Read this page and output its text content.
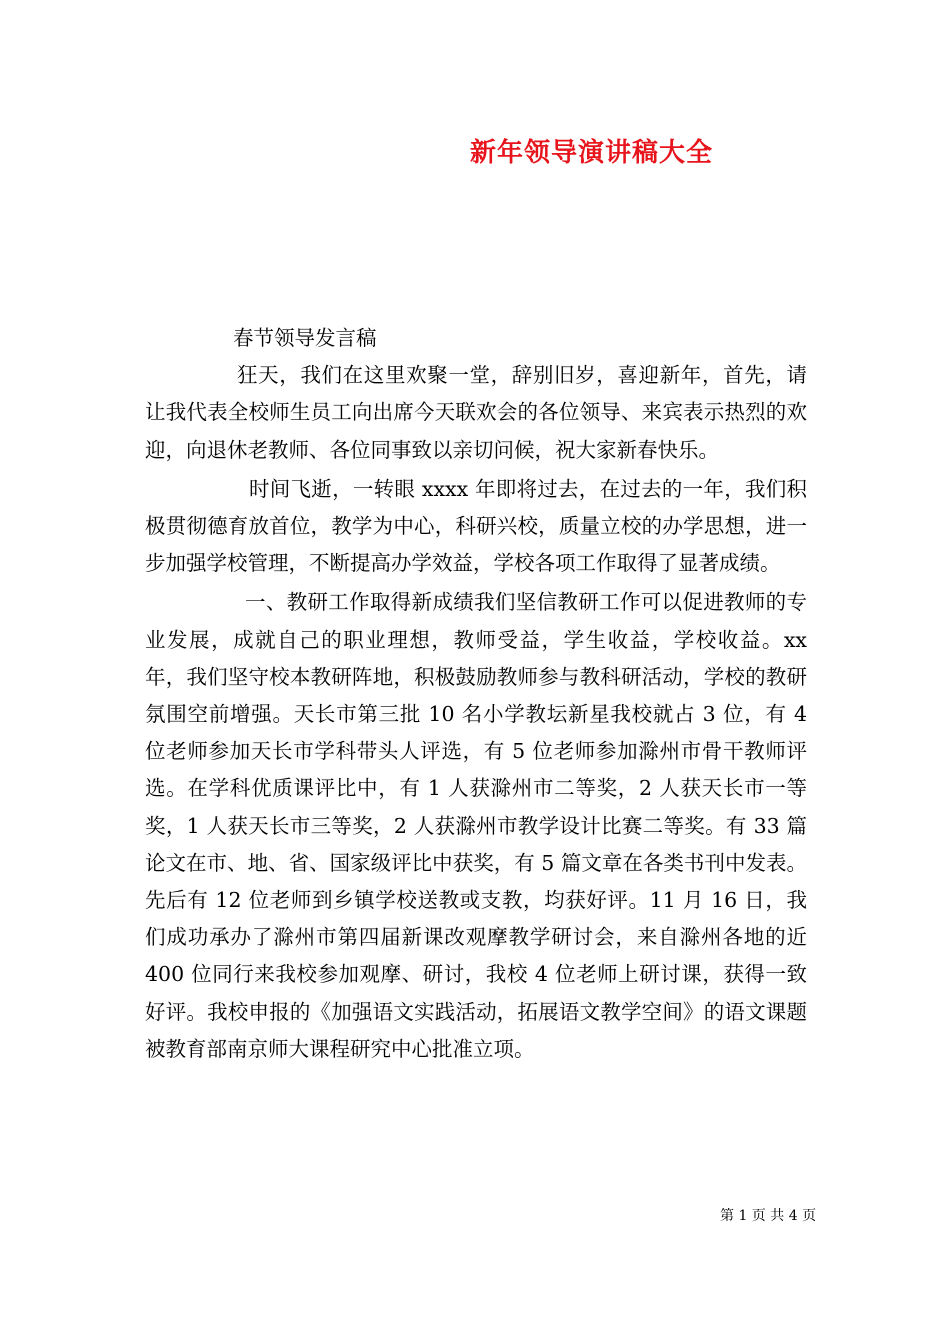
新年领导演讲稿大全

春节领导发言稿

狂天，我们在这里欢聚一堂，辞别旧岁，喜迎新年，首先，请让我代表全校师生员工向出席今天联欢会的各位领导、来宾表示热烈的欢迎，向退休老教师、各位同事致以亲切问候，祝大家新春快乐。

时间飞逝，一转眼 xxxx 年即将过去，在过去的一年，我们积极贯彻德育放首位，教学为中心，科研兴校，质量立校的办学思想，进一步加强学校管理，不断提高办学效益，学校各项工作取得了显著成绩。

一、教研工作取得新成绩我们坚信教研工作可以促进教师的专业发展，成就自己的职业理想，教师受益，学生收益，学校收益。xx 年，我们坚守校本教研阵地，积极鼓励教师参与教科研活动，学校的教研氛围空前增强。天长市第三批 10 名小学教坛新星我校就占 3 位，有 4 位老师参加天长市学科带头人评选，有 5 位老师参加滁州市骨干教师评选。在学科优质课评比中，有 1 人获滁州市二等奖，2 人获天长市一等奖，1 人获天长市三等奖，2 人获滁州市教学设计比赛二等奖。有 33 篇论文在市、地、省、国家级评比中获奖，有 5 篇文章在各类书刊中发表。先后有 12 位老师到乡镇学校送教或支教，均获好评。11 月 16 日，我们成功承办了滁州市第四届新课改观摩教学研讨会，来自滁州各地的近 400 位同行来我校参加观摩、研讨，我校 4 位老师上研讨课，获得一致好评。我校申报的《加强语文实践活动，拓展语文教学空间》的语文课题被教育部南京师大课程研究中心批准立项。

第 1 页 共 4 页
